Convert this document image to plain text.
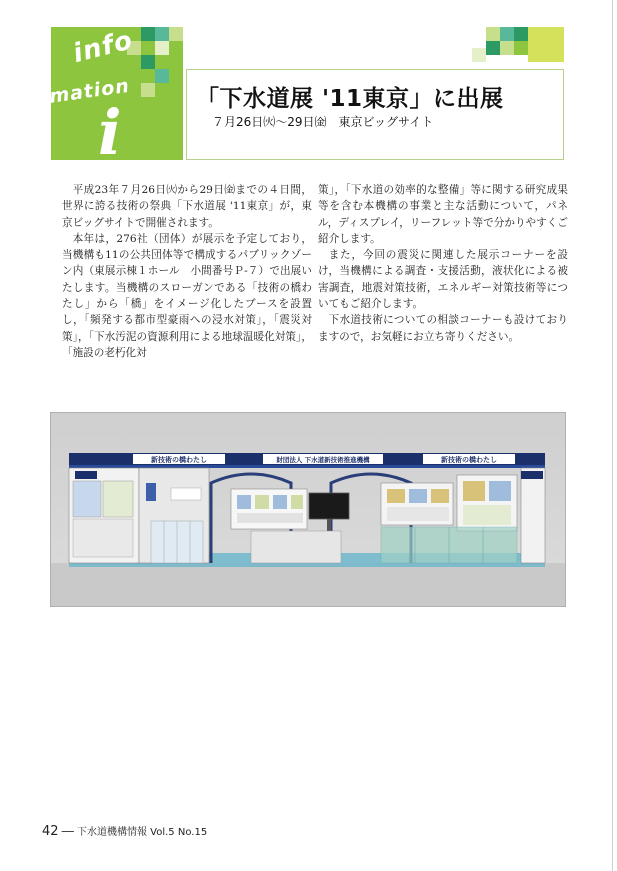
info
mation
i	「下水道展 '11東京」に出展
７月26日㈫〜29日㈮　東京ビッグサイト

平成23年７月26日㈫から29日㈮までの４日間，世界に誇る技術の祭典「下水道展 '11東京」が，東京ビッグサイトで開催されます。

本年は，276社（団体）が展示を予定しており，当機構も11の公共団体等で構成するパブリックゾーン内（東展示棟１ホール　小間番号Ｐ-７）で出展いたします。当機構のスローガンである「技術の橋わたし」から「橋」をイメージ化したブースを設置し，「頻発する都市型豪雨への浸水対策」，「震災対策」，「下水汚泥の資源利用による地球温暖化対策」，「施設の老朽化対

策」，「下水道の効率的な整備」等に関する研究成果等を含む本機構の事業と主な活動について，パネル，ディスプレイ，リーフレット等で分かりやすくご紹介します。

また，今回の震災に関連した展示コーナーを設け，当機構による調査・支援活動，液状化による被害調査，地震対策技術，エネルギー対策技術等についてもご紹介します。

下水道技術についての相談コーナーも設けておりますので，お気軽にお立ち寄りください。

新技術の橋わたし	財団法人 下水道新技術推進機構	新技術の橋わたし
42 ── 下水道機構情報 Vol.5 No.15
